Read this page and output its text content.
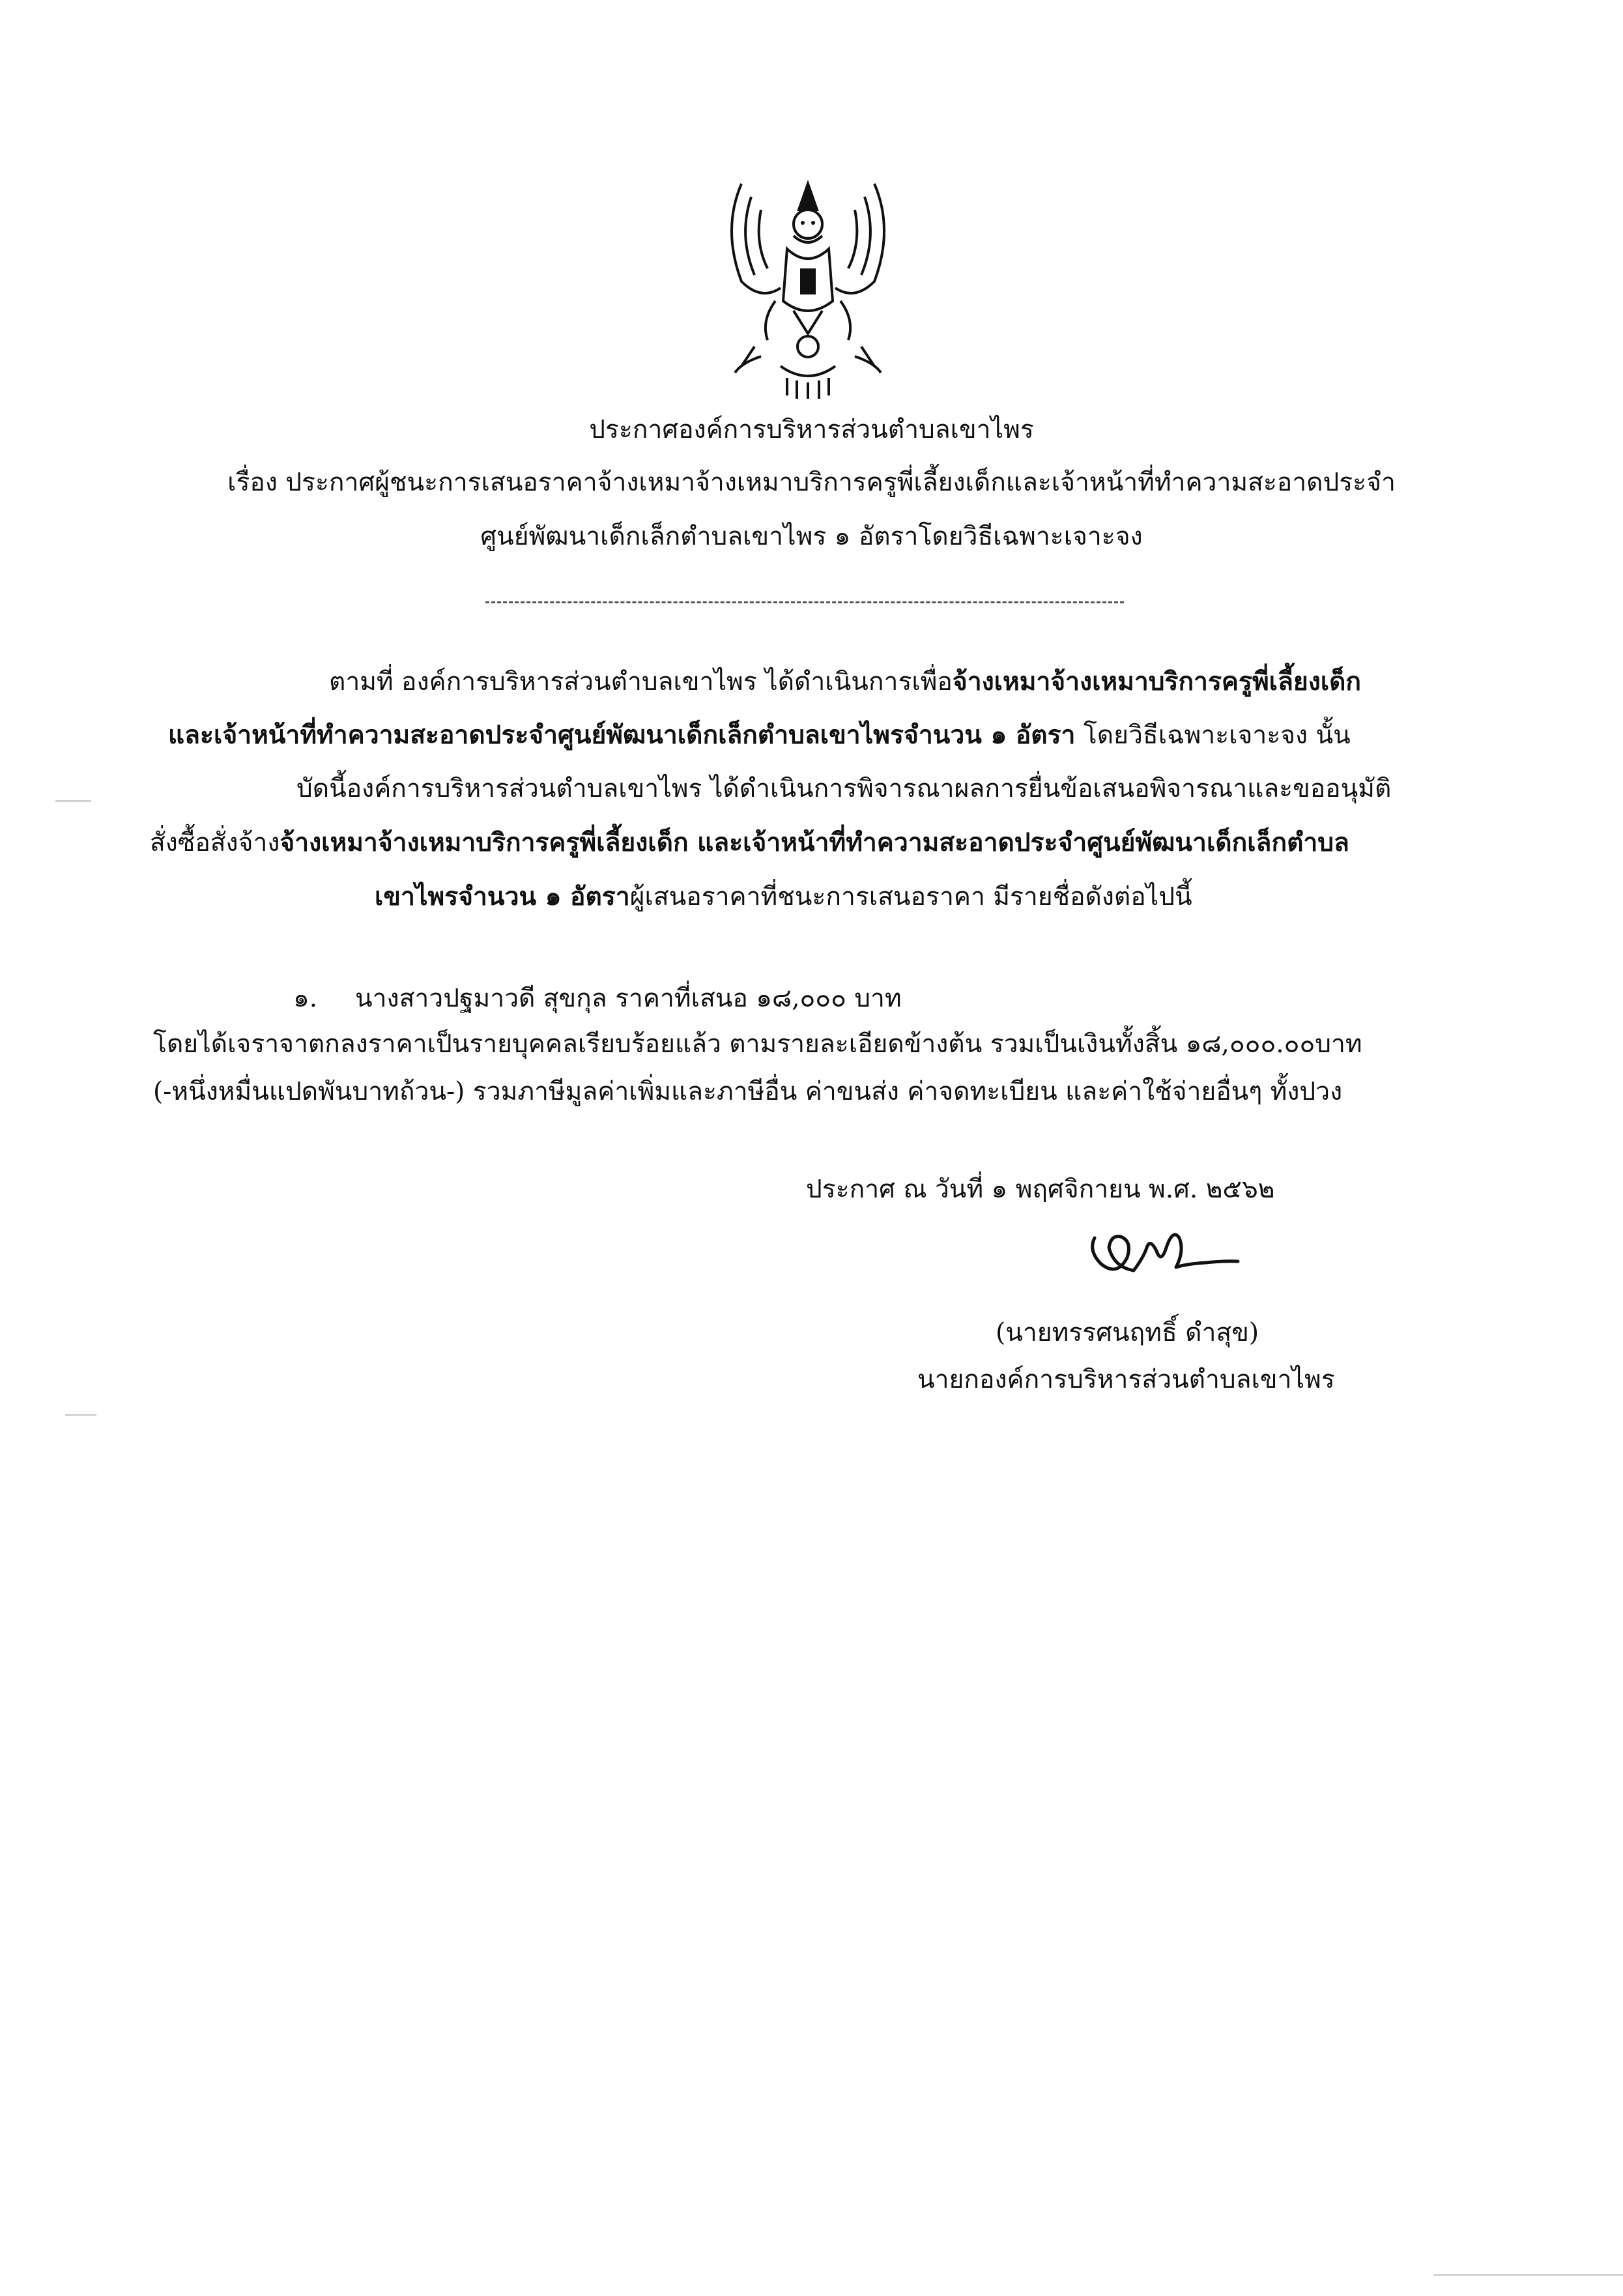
ประกาศองค์การบริหารส่วนตำบลเขาไพร
เรื่อง ประกาศผู้ชนะการเสนอราคาจ้างเหมาจ้างเหมาบริการครูพี่เลี้ยงเด็กและเจ้าหน้าที่ทำความสะอาดประจำ
ศูนย์พัฒนาเด็กเล็กตำบลเขาไพร ๑ อัตราโดยวิธีเฉพาะเจาะจง
ตามที่ องค์การบริหารส่วนตำบลเขาไพร ได้ดำเนินการเพื่อจ้างเหมาจ้างเหมาบริการครูพี่เลี้ยงเด็ก
และเจ้าหน้าที่ทำความสะอาดประจำศูนย์พัฒนาเด็กเล็กตำบลเขาไพรจำนวน ๑ อัตรา โดยวิธีเฉพาะเจาะจง นั้น
บัดนี้องค์การบริหารส่วนตำบลเขาไพร ได้ดำเนินการพิจารณาผลการยื่นข้อเสนอพิจารณาและขออนุมัติ
สั่งซื้อสั่งจ้างจ้างเหมาจ้างเหมาบริการครูพี่เลี้ยงเด็ก และเจ้าหน้าที่ทำความสะอาดประจำศูนย์พัฒนาเด็กเล็กตำบล
เขาไพรจำนวน ๑ อัตราผู้เสนอราคาที่ชนะการเสนอราคา มีรายชื่อดังต่อไปนี้
๑. นางสาวปฐมาวดี สุขกุล ราคาที่เสนอ ๑๘,๐๐๐ บาท
โดยได้เจราจาตกลงราคาเป็นรายบุคคลเรียบร้อยแล้ว ตามรายละเอียดข้างต้น รวมเป็นเงินทั้งสิ้น ๑๘,๐๐๐.๐๐บาท
(-หนึ่งหมื่นแปดพันบาทถ้วน-) รวมภาษีมูลค่าเพิ่มและภาษีอื่น ค่าขนส่ง ค่าจดทะเบียน และค่าใช้จ่ายอื่นๆ ทั้งปวง
ประกาศ ณ วันที่ ๑ พฤศจิกายน พ.ศ. ๒๕๖๒
(นายทรรศนฤทธิ์ ดำสุข)
นายกองค์การบริหารส่วนตำบลเขาไพร
